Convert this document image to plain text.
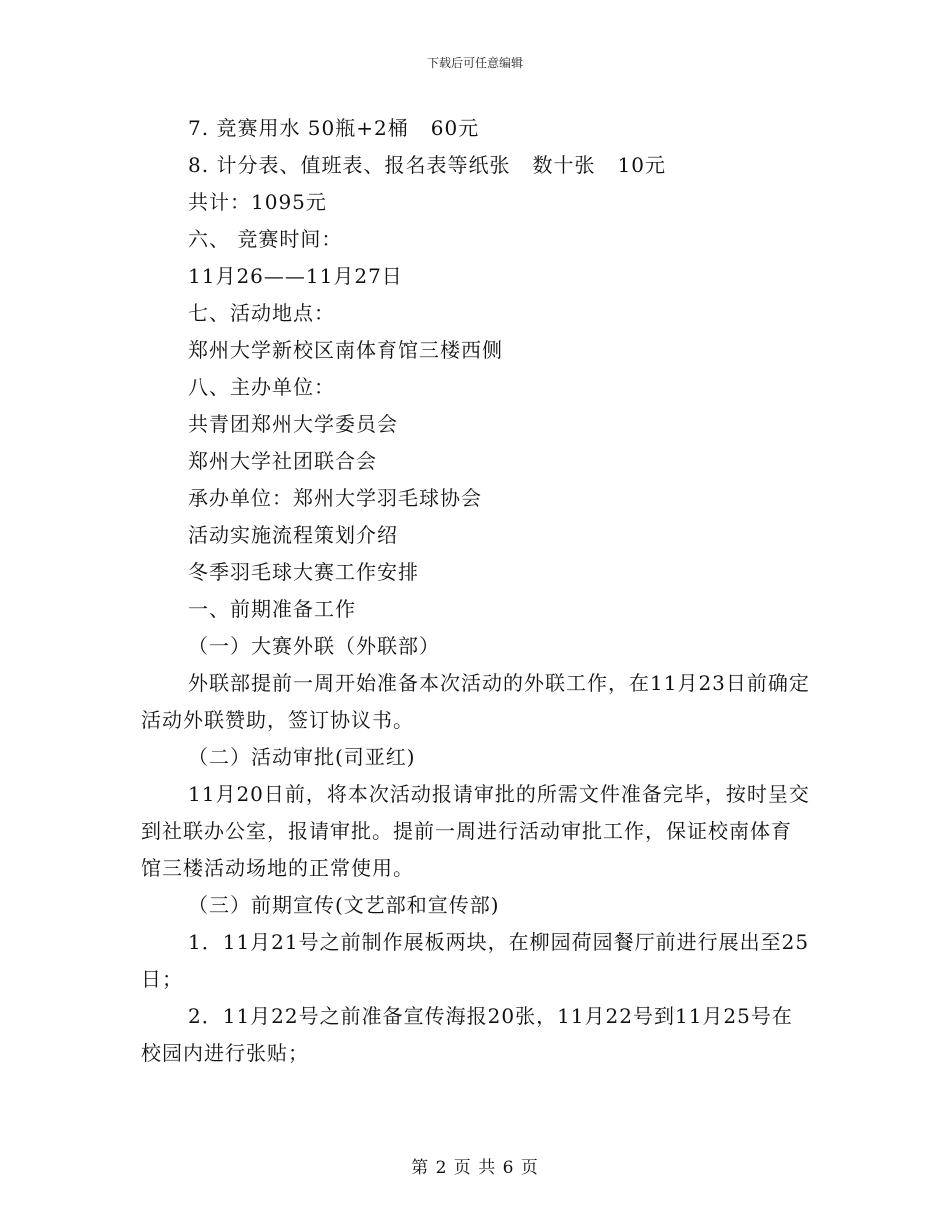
下载后可任意编辑
7. 竞赛用水 50瓶+2桶   60元
8. 计分表、值班表、报名表等纸张   数十张   10元
共计：1095元
六、 竞赛时间：
11月26——11月27日
七、活动地点：
郑州大学新校区南体育馆三楼西侧
八、主办单位：
共青团郑州大学委员会
郑州大学社团联合会
承办单位：郑州大学羽毛球协会
活动实施流程策划介绍
冬季羽毛球大赛工作安排
一、前期准备工作
（一）大赛外联（外联部）
外联部提前一周开始准备本次活动的外联工作，在11月23日前确定活动外联赞助，签订协议书。
（二）活动审批(司亚红)
11月20日前，将本次活动报请审批的所需文件准备完毕，按时呈交到社联办公室，报请审批。提前一周进行活动审批工作，保证校南体育馆三楼活动场地的正常使用。
（三）前期宣传(文艺部和宣传部)
1．11月21号之前制作展板两块，在柳园荷园餐厅前进行展出至25日；
2．11月22号之前准备宣传海报20张，11月22号到11月25号在校园内进行张贴；
第 2 页 共 6 页
